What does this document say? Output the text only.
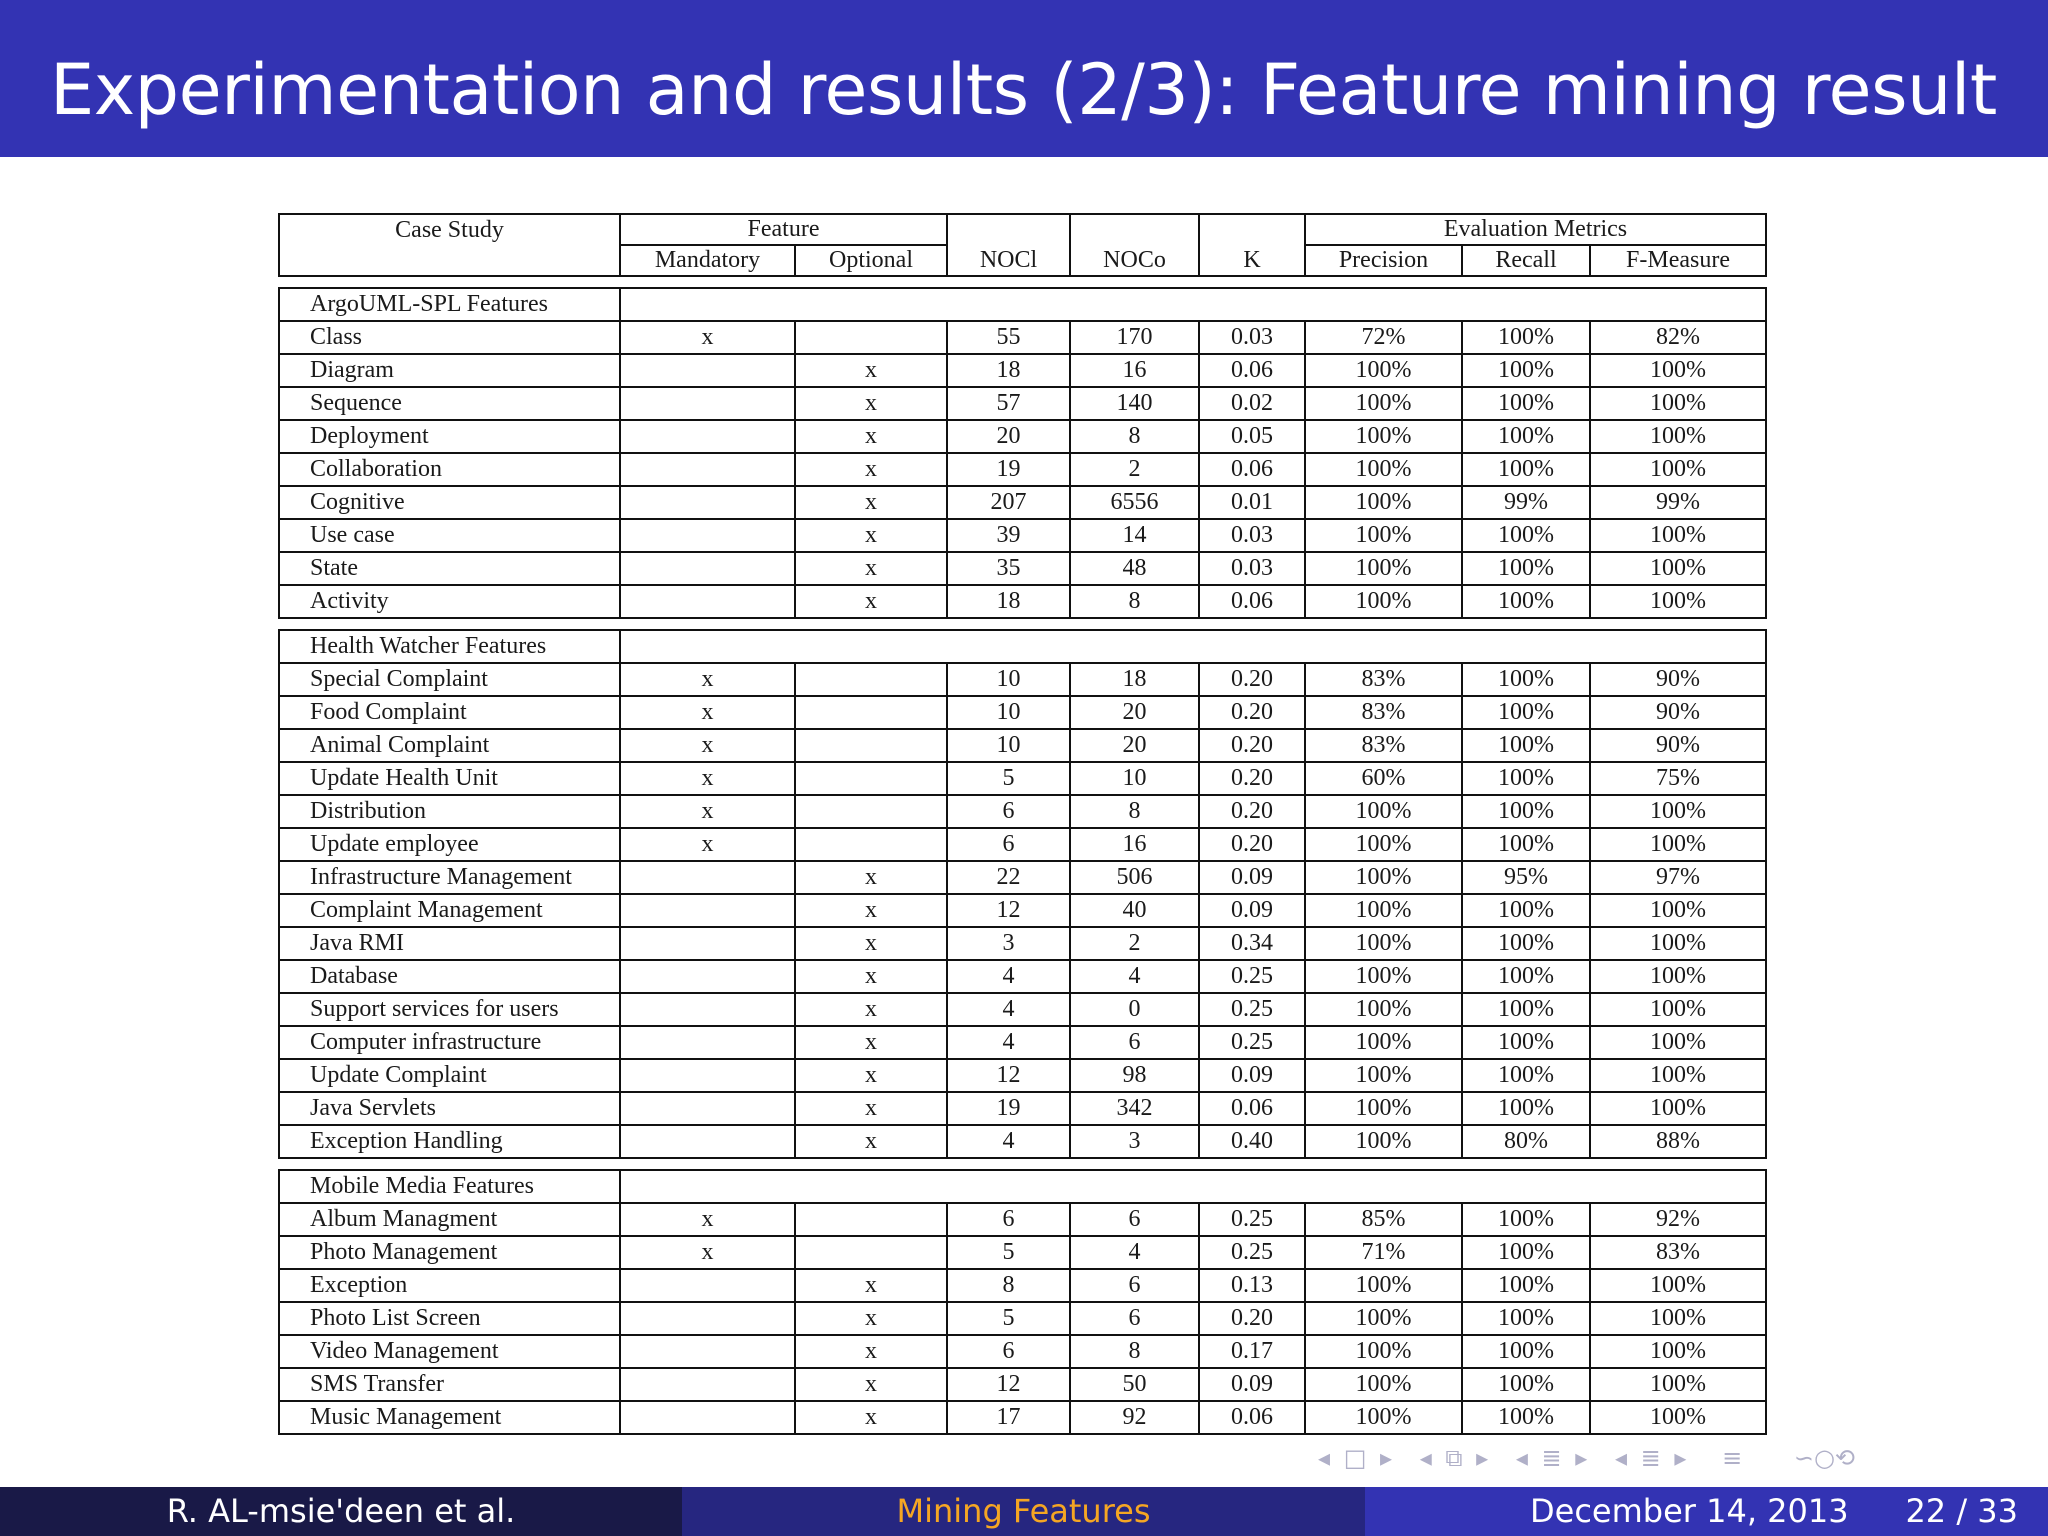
Experimentation and results (2/3): Feature mining result
Case Study	Feature					Evaluation Metrics		
	Mandatory	Optional	NOCl	NOCo	K	Precision	Recall	F-Measure

ArgoUML-SPL Features								
Class	x		55	170	0.03	72%	100%	82%
Diagram		x	18	16	0.06	100%	100%	100%
Sequence		x	57	140	0.02	100%	100%	100%
Deployment		x	20	8	0.05	100%	100%	100%
Collaboration		x	19	2	0.06	100%	100%	100%
Cognitive		x	207	6556	0.01	100%	99%	99%
Use case		x	39	14	0.03	100%	100%	100%
State		x	35	48	0.03	100%	100%	100%
Activity		x	18	8	0.06	100%	100%	100%

Health Watcher Features								
Special Complaint	x		10	18	0.20	83%	100%	90%
Food Complaint	x		10	20	0.20	83%	100%	90%
Animal Complaint	x		10	20	0.20	83%	100%	90%
Update Health Unit	x		5	10	0.20	60%	100%	75%
Distribution	x		6	8	0.20	100%	100%	100%
Update employee	x		6	16	0.20	100%	100%	100%
Infrastructure Management		x	22	506	0.09	100%	95%	97%
Complaint Management		x	12	40	0.09	100%	100%	100%
Java RMI		x	3	2	0.34	100%	100%	100%
Database		x	4	4	0.25	100%	100%	100%
Support services for users		x	4	0	0.25	100%	100%	100%
Computer infrastructure		x	4	6	0.25	100%	100%	100%
Update Complaint		x	12	98	0.09	100%	100%	100%
Java Servlets		x	19	342	0.06	100%	100%	100%
Exception Handling		x	4	3	0.40	100%	80%	88%

Mobile Media Features								
Album Managment	x		6	6	0.25	85%	100%	92%
Photo Management	x		5	4	0.25	71%	100%	83%
Exception		x	8	6	0.13	100%	100%	100%
Photo List Screen		x	5	6	0.20	100%	100%	100%
Video Management		x	6	8	0.17	100%	100%	100%
SMS Transfer		x	12	50	0.09	100%	100%	100%
Music Management		x	17	92	0.06	100%	100%	100%
◂ □ ▸ ◂ ⧉ ▸ ◂ ≣ ▸ ◂ ≣ ▸ ≡ ∽○⟲
R. AL-msie'deen et al.	Mining Features	December 14, 2013 22 / 33
